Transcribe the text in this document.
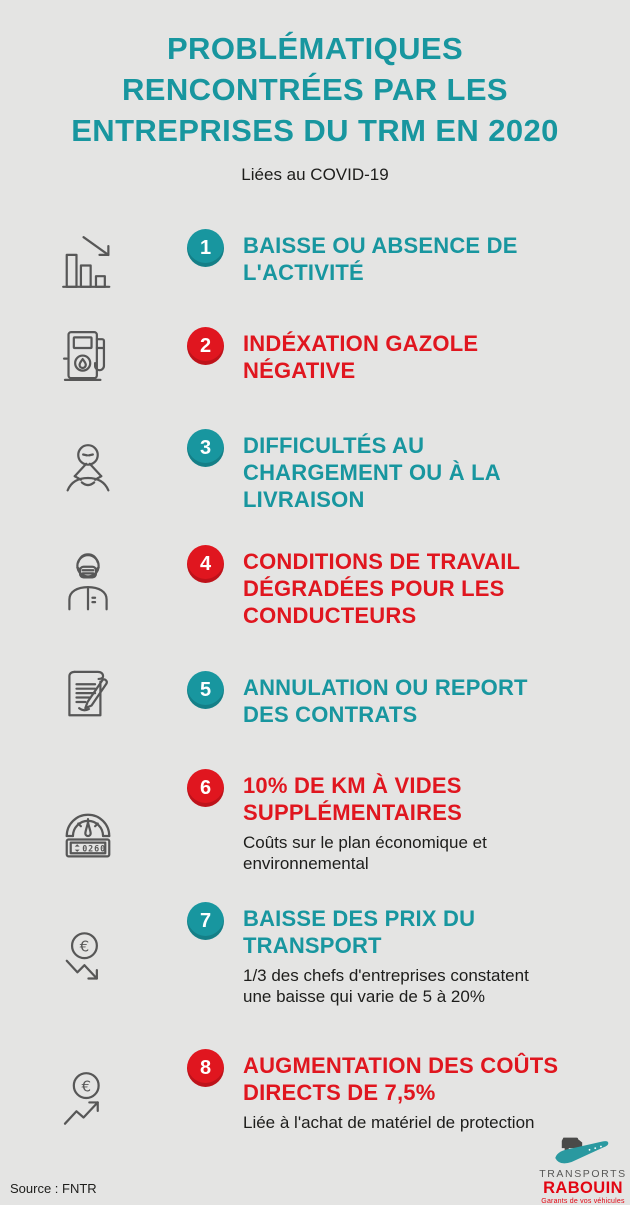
PROBLÉMATIQUES
RENCONTRÉES PAR LES
ENTREPRISES DU TRM EN 2020
Liées au COVID-19
1	BAISSE OU ABSENCE DE
L'ACTIVITÉ
2	INDÉXATION GAZOLE
NÉGATIVE
3	DIFFICULTÉS AU
CHARGEMENT OU À LA
LIVRAISON
4	CONDITIONS DE TRAVAIL
DÉGRADÉES POUR LES
CONDUCTEURS
5	ANNULATION OU REPORT
DES CONTRATS
0260
6	10% DE KM À VIDES
SUPPLÉMENTAIRES
Coûts sur le plan économique et
environnemental
€
7	BAISSE DES PRIX DU
TRANSPORT
1/3 des chefs d'entreprises constatent
une baisse qui varie de 5 à 20%
€
8	AUGMENTATION DES COÛTS
DIRECTS DE 7,5%
Liée à l'achat de matériel de protection
Source : FNTR
TRANSPORTS
RABOUIN
Garants de vos véhicules
